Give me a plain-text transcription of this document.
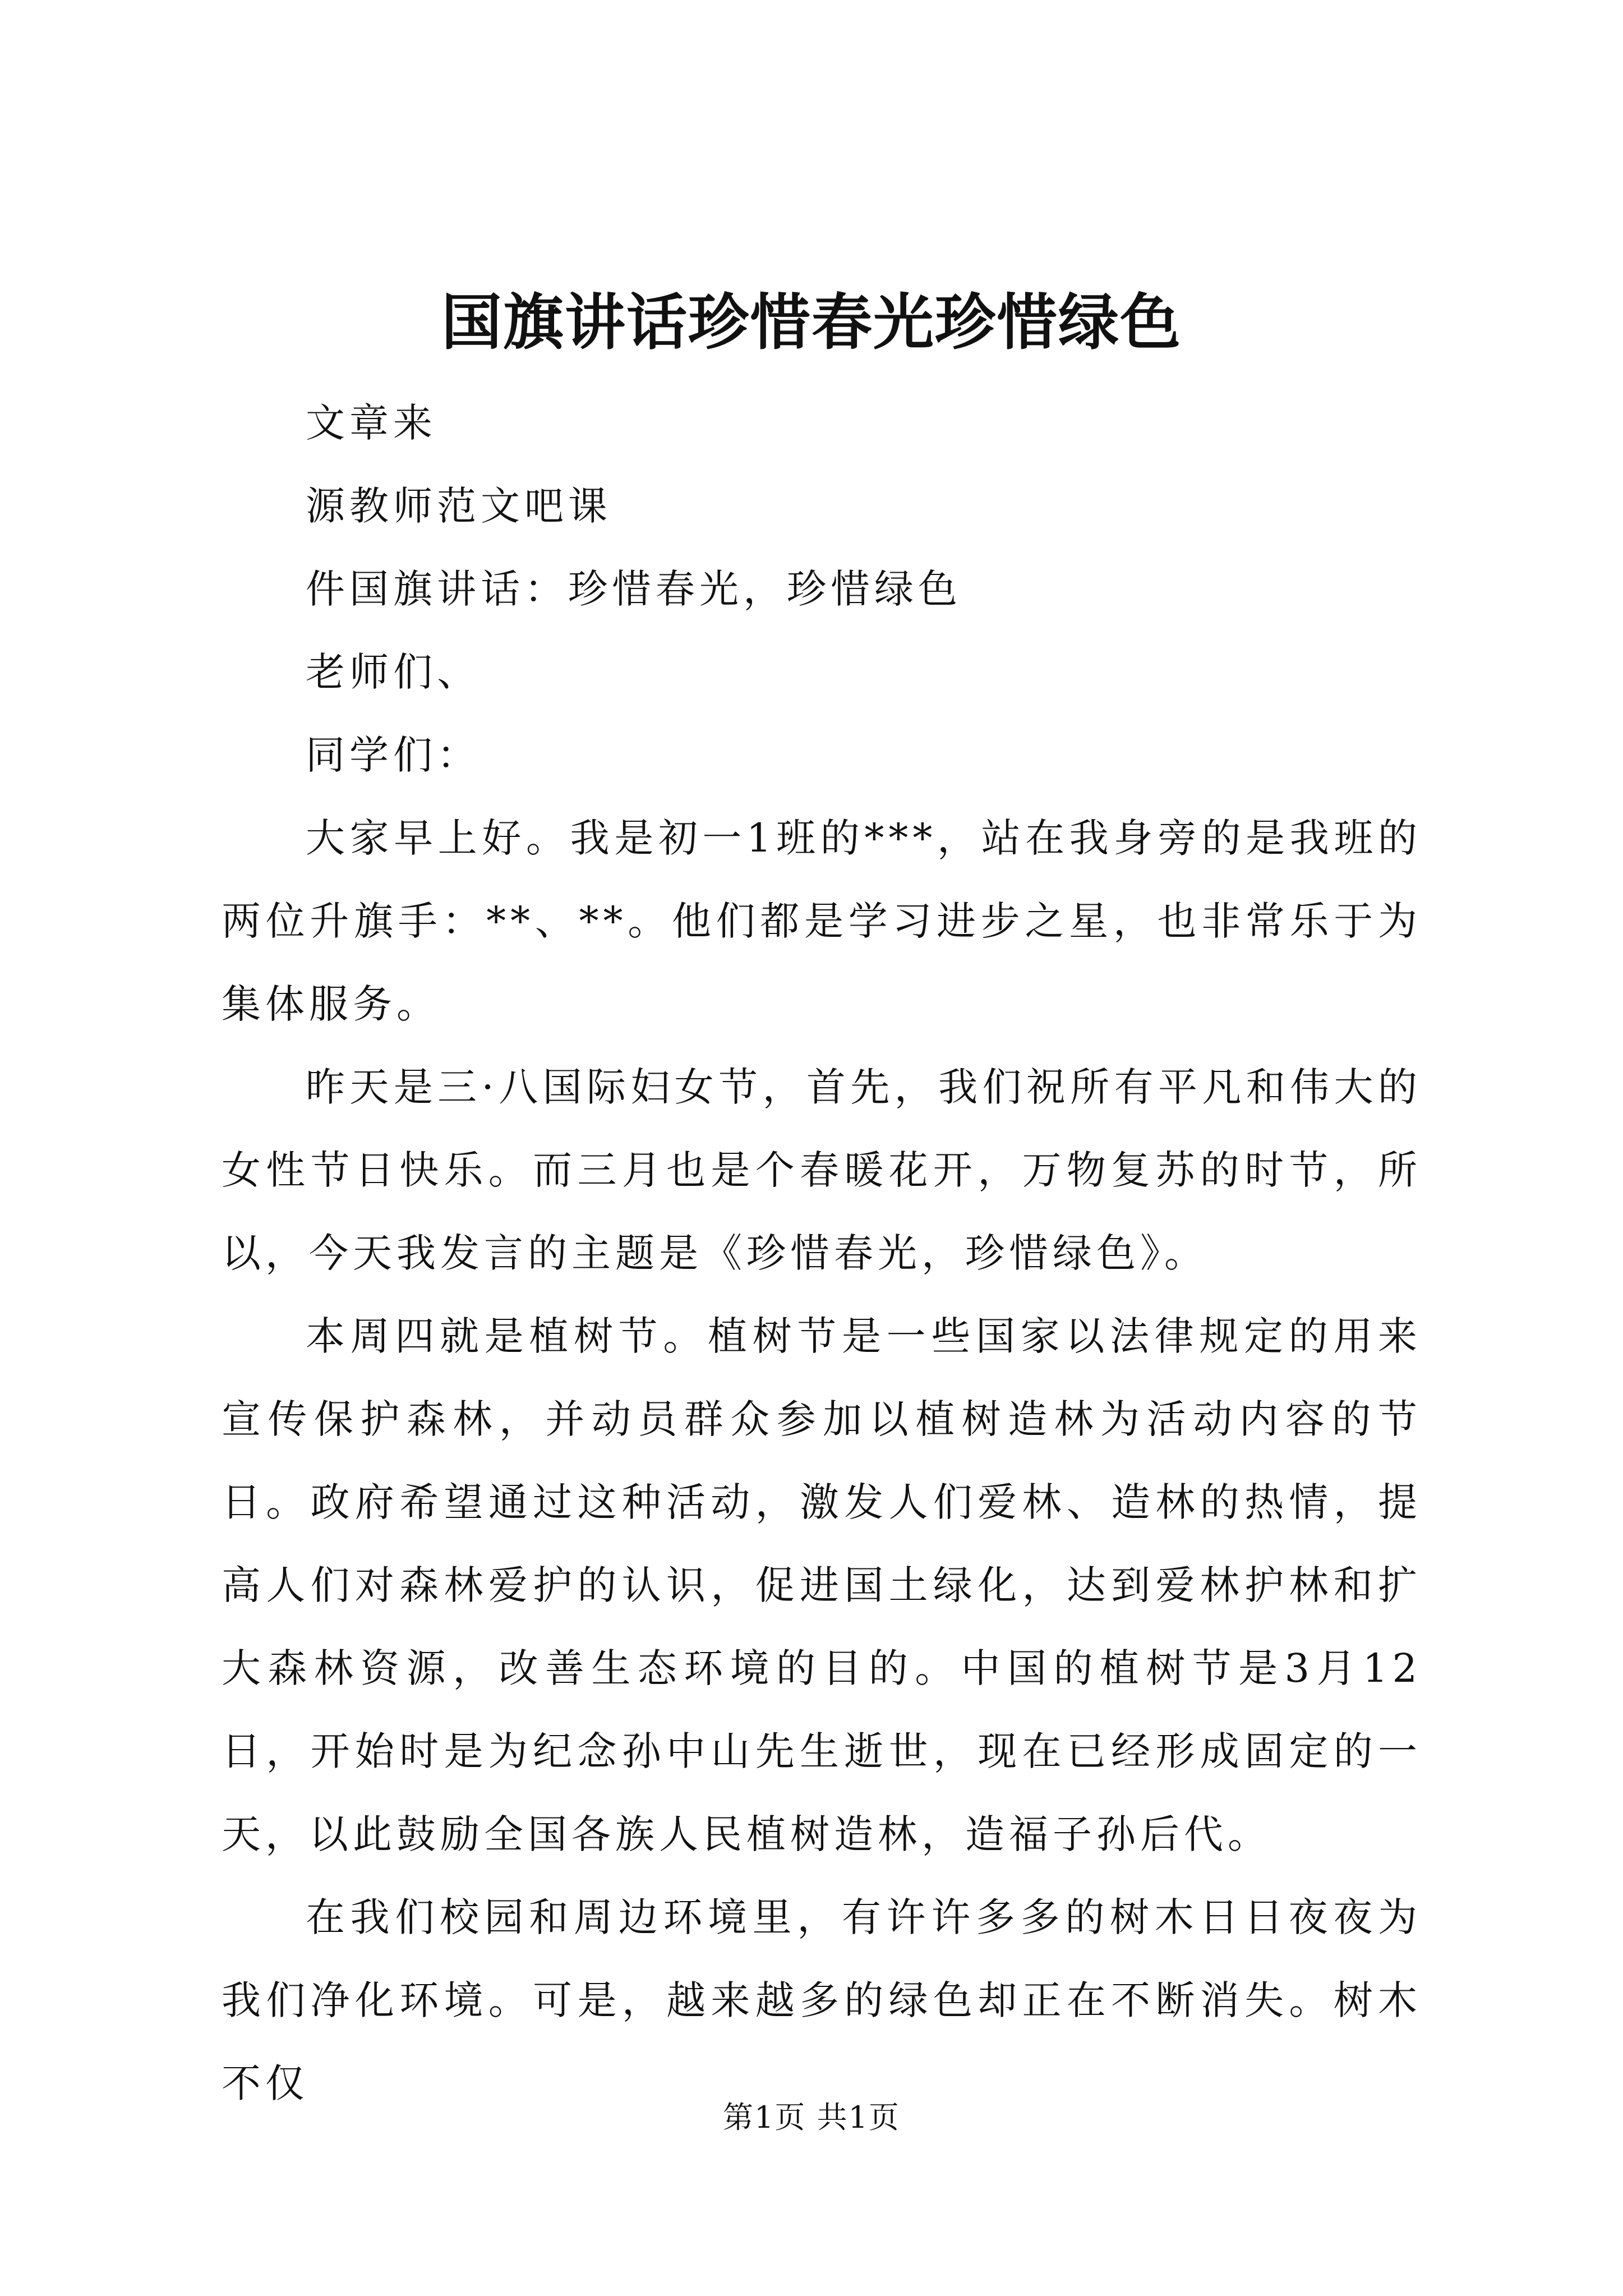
国旗讲话珍惜春光珍惜绿色
文章来
源教师范文吧课
件国旗讲话：珍惜春光，珍惜绿色
老师们、
同学们：

大家早上好。我是初一1班的***，站在我身旁的是我班的两位升旗手：**、**。他们都是学习进步之星，也非常乐于为集体服务。

昨天是三·八国际妇女节，首先，我们祝所有平凡和伟大的女性节日快乐。而三月也是个春暖花开，万物复苏的时节，所以，今天我发言的主题是《珍惜春光，珍惜绿色》。

本周四就是植树节。植树节是一些国家以法律规定的用来宣传保护森林，并动员群众参加以植树造林为活动内容的节日。政府希望通过这种活动，激发人们爱林、造林的热情，提高人们对森林爱护的认识，促进国土绿化，达到爱林护林和扩大森林资源，改善生态环境的目的。中国的植树节是3月12日，开始时是为纪念孙中山先生逝世，现在已经形成固定的一天，以此鼓励全国各族人民植树造林，造福子孙后代。

在我们校园和周边环境里，有许许多多的树木日日夜夜为我们净化环境。可是，越来越多的绿色却正在不断消失。树木不仅

第1页 共1页
